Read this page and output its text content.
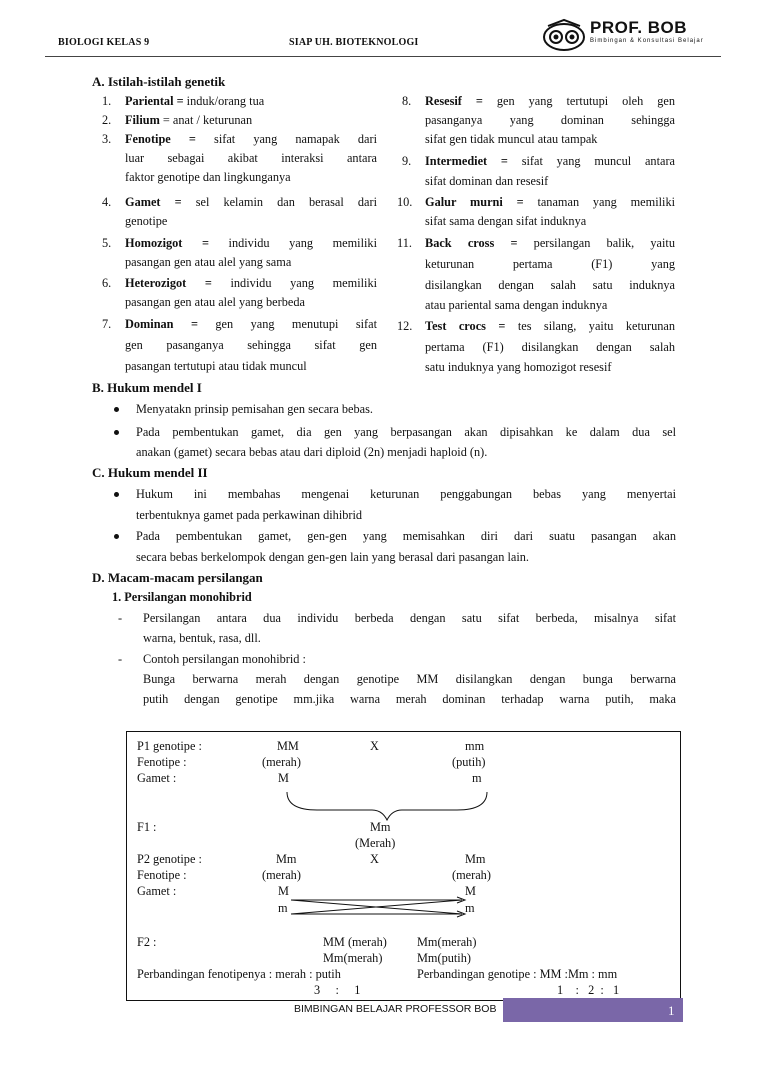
BIOLOGI KELAS 9	SIAP UH. BIOTEKNOLOGI
PROF. BOB
Bimbingan & Konsultasi Belajar
A. Istilah-istilah genetik
1. Pariental = induk/orang tua
2. Filium = anat / keturunan
3. Fenotipe = sifat yang namapak dari
luar sebagai akibat interaksi antara
faktor genotipe dan lingkunganya
4. Gamet = sel kelamin dan berasal dari
genotipe
5. Homozigot = individu yang memiliki
pasangan gen atau alel yang sama
6. Heterozigot = individu yang memiliki
pasangan gen atau alel yang berbeda
7. Dominan = gen yang menutupi sifat
gen pasanganya sehingga sifat gen
pasangan tertutupi atau tidak muncul
8. Resesif = gen yang tertutupi oleh gen
pasanganya yang dominan sehingga
sifat gen tidak muncul atau tampak
9. Intermediet = sifat yang muncul antara
sifat dominan dan resesif
10. Galur murni = tanaman yang memiliki
sifat sama dengan sifat induknya
11. Back cross = persilangan balik, yaitu
keturunan pertama (F1) yang
disilangkan dengan salah satu induknya
atau pariental sama dengan induknya
12. Test crocs = tes silang, yaitu keturunan
pertama (F1) disilangkan dengan salah
satu induknya yang homozigot resesif
B. Hukum mendel I
Menyatakn prinsip pemisahan gen secara bebas.
Pada pembentukan gamet, dia gen yang berpasangan akan dipisahkan ke dalam dua sel
anakan (gamet) secara bebas atau dari diploid (2n) menjadi haploid (n).
C. Hukum mendel II
Hukum ini membahas mengenai keturunan penggabungan bebas yang menyertai
terbentuknya gamet pada perkawinan dihibrid
Pada pembentukan gamet, gen-gen yang memisahkan diri dari suatu pasangan akan
secara bebas berkelompok dengan gen-gen lain yang berasal dari pasangan lain.
D. Macam-macam persilangan
1. Persilangan monohibrid
- Persilangan antara dua individu berbeda dengan satu sifat berbeda, misalnya sifat
warna, bentuk, rasa, dll.
- Contoh persilangan monohibrid :
Bunga berwarna merah dengan genotipe MM disilangkan dengan bunga berwarna
putih dengan genotipe mm.jika warna merah dominan terhadap warna putih, maka
P1 genotipe :	MM	X	mm
Fenotipe :	(merah)	(putih)
Gamet :	M	m
F1 :	Mm
(Merah)
P2 genotipe :	Mm	X	Mm
Fenotipe :	(merah)	(merah)
Gamet :	M	M
m	m
F2 :	MM (merah) Mm(merah)
Mm(merah)	Mm(putih)
Perbandingan fenotipenya : merah : putih	Perbandingan genotipe : MM :Mm : mm
3     :     1	1    :   2  :   1
BIMBINGAN BELAJAR PROFESSOR BOB	1
